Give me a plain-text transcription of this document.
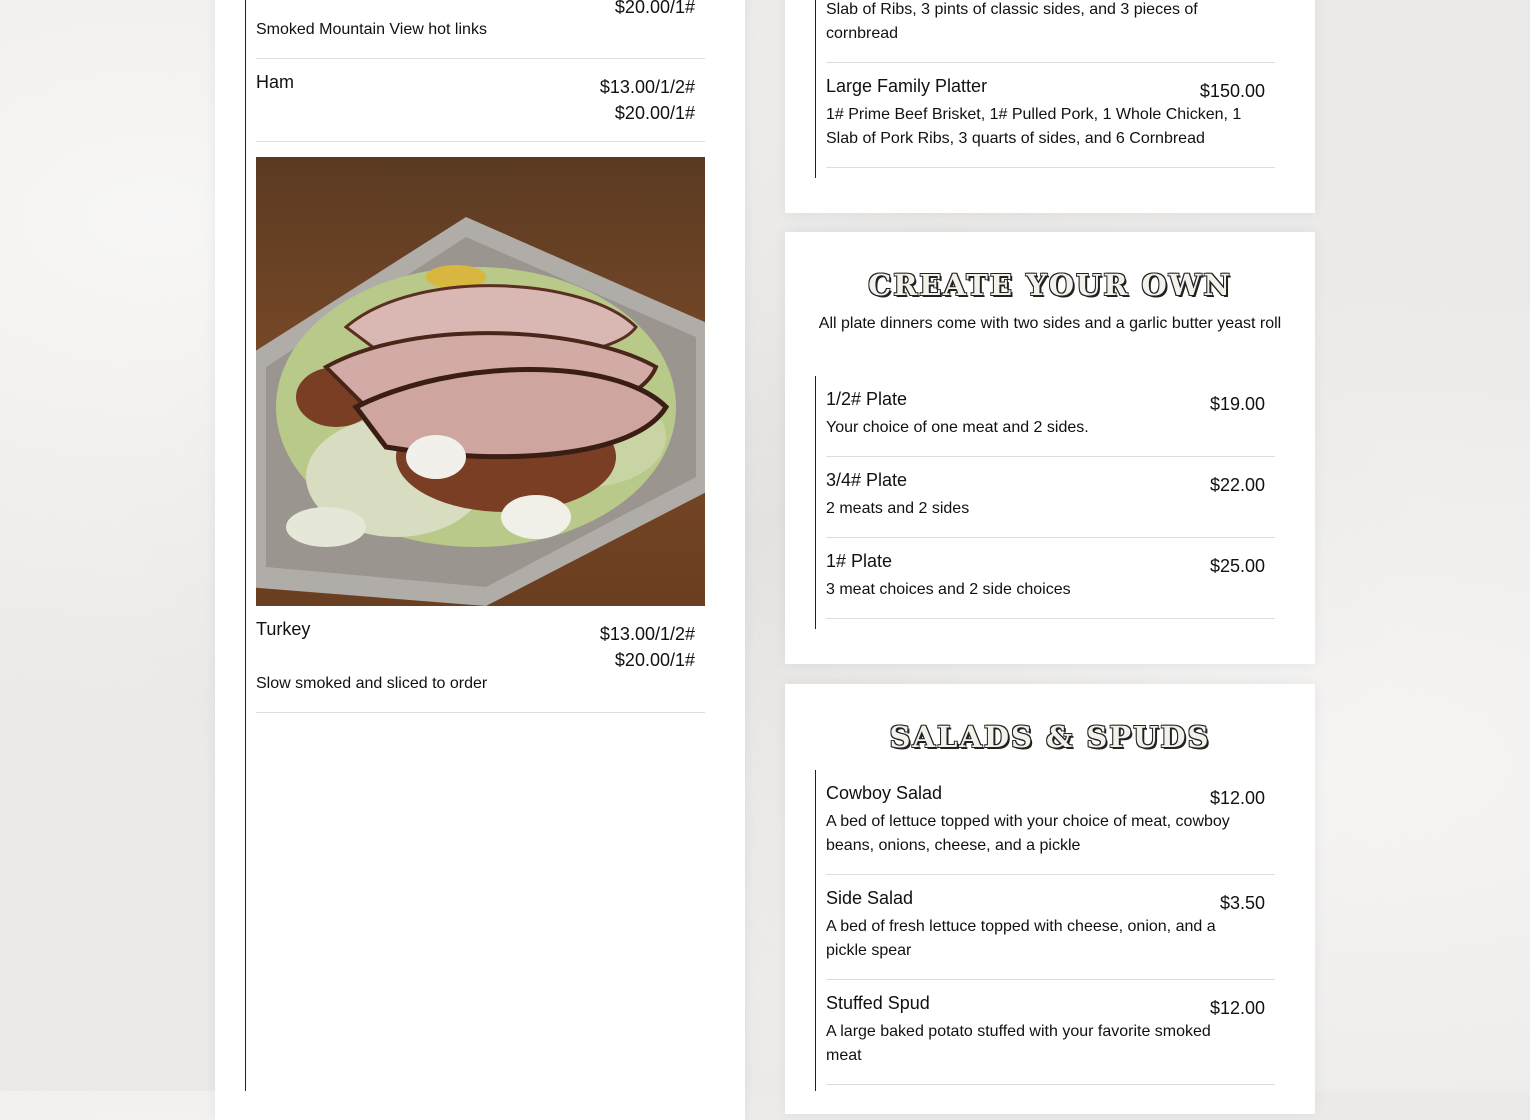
$20.00/1#
Smoked Mountain View hot links
Ham	$13.00/1/2#
$20.00/1#
Turkey	$13.00/1/2#
$20.00/1#
Slow smoked and sliced to order
Slab of Ribs, 3 pints of classic sides, and 3 pieces of cornbread
Large Family Platter	$150.00
1# Prime Beef Brisket, 1# Pulled Pork, 1 Whole Chicken, 1 Slab of Pork Ribs, 3 quarts of sides, and 6 Cornbread
CREATE YOUR OWN
All plate dinners come with two sides and a garlic butter yeast roll
1/2# Plate	$19.00
Your choice of one meat and 2 sides.
3/4# Plate	$22.00
2 meats and 2 sides
1# Plate	$25.00
3 meat choices and 2 side choices
SALADS & SPUDS
Cowboy Salad	$12.00
A bed of lettuce topped with your choice of meat, cowboy beans, onions, cheese, and a pickle
Side Salad	$3.50
A bed of fresh lettuce topped with cheese, onion, and a pickle spear
Stuffed Spud	$12.00
A large baked potato stuffed with your favorite smoked meat
